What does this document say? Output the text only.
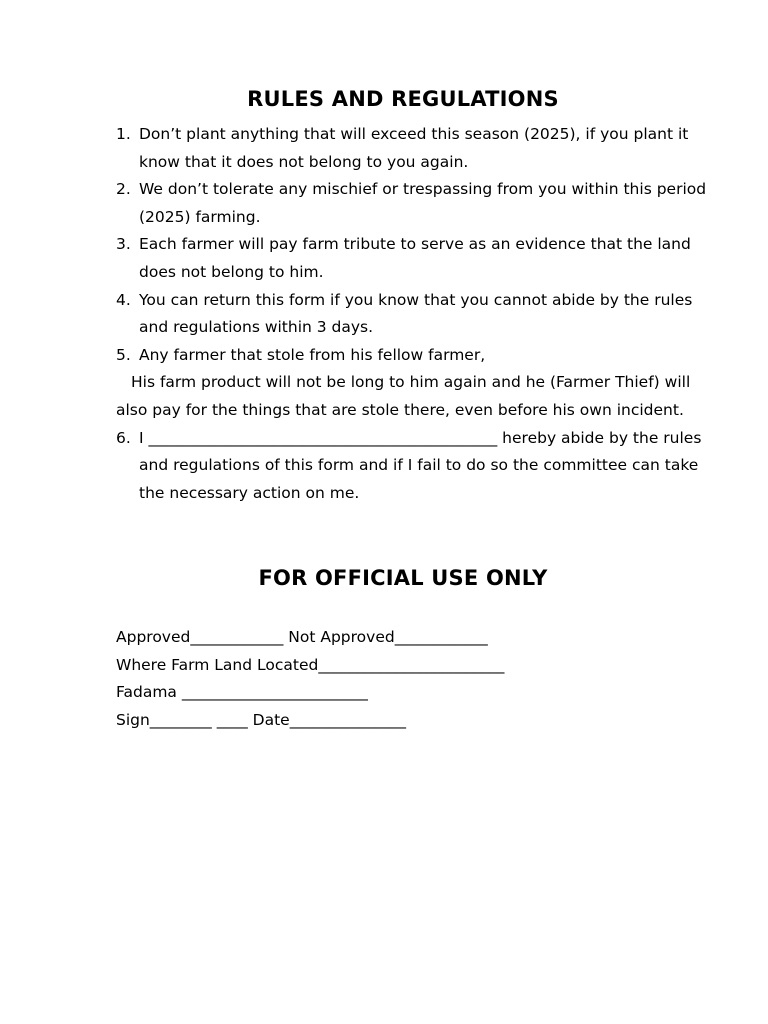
RULES AND REGULATIONS
1. Don’t plant anything that will exceed this season (2025), if you plant it know that it does not belong to you again.
2. We don’t tolerate any mischief or trespassing from you within this period (2025) farming.
3. Each farmer will pay farm tribute to serve as an evidence that the land does not belong to him.
4. You can return this form if you know that you cannot abide by the rules and regulations within 3 days.
5. Any farmer that stole from his fellow farmer,
His farm product will not be long to him again and he (Farmer Thief) will also pay for the things that are stole there, even before his own incident.
6. I _____________________________________________ hereby abide by the rules and regulations of this form and if I fail to do so the committee can take the necessary action on me.
FOR OFFICIAL USE ONLY
Approved____________ Not Approved____________
Where Farm Land Located________________________
Fadama ________________________
Sign________ ____ Date_______________
